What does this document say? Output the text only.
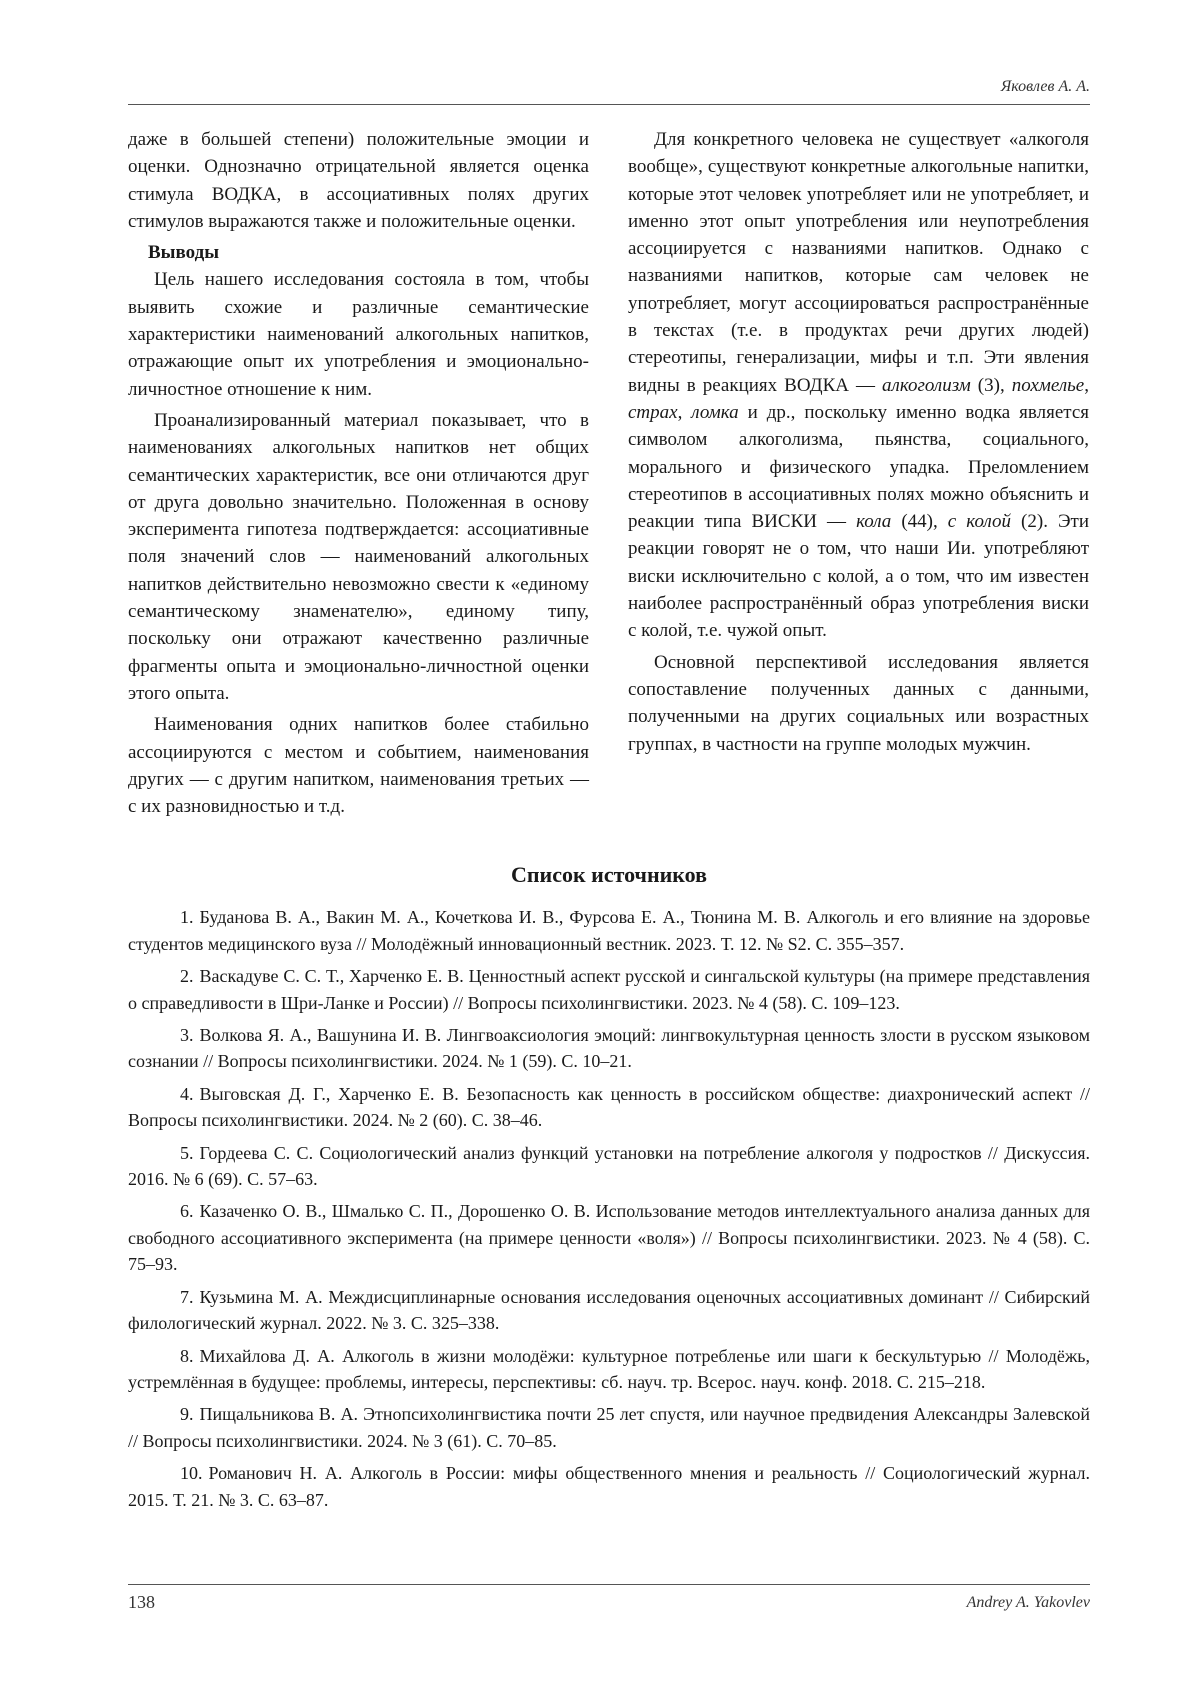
Яковлев А. А.

даже в большей степени) положительные эмоции и оценки. Однозначно отрицательной является оценка стимула ВОДКА, в ассоциативных полях других стимулов выражаются также и положительные оценки.

Выводы

Цель нашего исследования состояла в том, чтобы выявить схожие и различные семантические характеристики наименований алкогольных напитков, отражающие опыт их употребления и эмоционально-личностное отношение к ним.

Проанализированный материал показывает, что в наименованиях алкогольных напитков нет общих семантических характеристик, все они отличаются друг от друга довольно значительно. Положенная в основу эксперимента гипотеза подтверждается: ассоциативные поля значений слов — наименований алкогольных напитков действительно невозможно свести к «единому семантическому знаменателю», единому типу, поскольку они отражают качественно различные фрагменты опыта и эмоционально-личностной оценки этого опыта.

Наименования одних напитков более стабильно ассоциируются с местом и событием, наименования других — с другим напитком, наименования третьих — с их разновидностью и т.д.

Для конкретного человека не существует «алкоголя вообще», существуют конкретные алкогольные напитки, которые этот человек употребляет или не употребляет, и именно этот опыт употребления или неупотребления ассоциируется с названиями напитков. Однако с названиями напитков, которые сам человек не употребляет, могут ассоциироваться распространённые в текстах (т.е. в продуктах речи других людей) стереотипы, генерализации, мифы и т.п. Эти явления видны в реакциях ВОДКА — алкоголизм (3), похмелье, страх, ломка и др., поскольку именно водка является символом алкоголизма, пьянства, социального, морального и физического упадка. Преломлением стереотипов в ассоциативных полях можно объяснить и реакции типа ВИСКИ — кола (44), с колой (2). Эти реакции говорят не о том, что наши Ии. употребляют виски исключительно с колой, а о том, что им известен наиболее распространённый образ употребления виски с колой, т.е. чужой опыт.

Основной перспективой исследования является сопоставление полученных данных с данными, полученными на других социальных или возрастных группах, в частности на группе молодых мужчин.

Список источников
1. Буданова В. А., Вакин М. А., Кочеткова И. В., Фурсова Е. А., Тюнина М. В. Алкоголь и его влияние на здоровье студентов медицинского вуза // Молодёжный инновационный вестник. 2023. Т. 12. № S2. С. 355–357.
2. Васкадуве С. С. Т., Харченко Е. В. Ценностный аспект русской и сингальской культуры (на примере представления о справедливости в Шри-Ланке и России) // Вопросы психолингвистики. 2023. № 4 (58). С. 109–123.
3. Волкова Я. А., Вашунина И. В. Лингвоаксиология эмоций: лингвокультурная ценность злости в русском языковом сознании // Вопросы психолингвистики. 2024. № 1 (59). С. 10–21.
4. Выговская Д. Г., Харченко Е. В. Безопасность как ценность в российском обществе: диахронический аспект // Вопросы психолингвистики. 2024. № 2 (60). С. 38–46.
5. Гордеева С. С. Социологический анализ функций установки на потребление алкоголя у подростков // Дискуссия. 2016. № 6 (69). С. 57–63.
6. Казаченко О. В., Шмалько С. П., Дорошенко О. В. Использование методов интеллектуального анализа данных для свободного ассоциативного эксперимента (на примере ценности «воля») // Вопросы психолингвистики. 2023. № 4 (58). С. 75–93.
7. Кузьмина М. А. Междисциплинарные основания исследования оценочных ассоциативных доминант // Сибирский филологический журнал. 2022. № 3. С. 325–338.
8. Михайлова Д. А. Алкоголь в жизни молодёжи: культурное потребленье или шаги к бескультурью // Молодёжь, устремлённая в будущее: проблемы, интересы, перспективы: сб. науч. тр. Всерос. науч. конф. 2018. С. 215–218.
9. Пищальникова В. А. Этнопсихолингвистика почти 25 лет спустя, или научное предвидения Александры Залевской // Вопросы психолингвистики. 2024. № 3 (61). С. 70–85.
10. Романович Н. А. Алкоголь в России: мифы общественного мнения и реальность // Социологический журнал. 2015. Т. 21. № 3. С. 63–87.
138	Andrey A. Yakovlev
